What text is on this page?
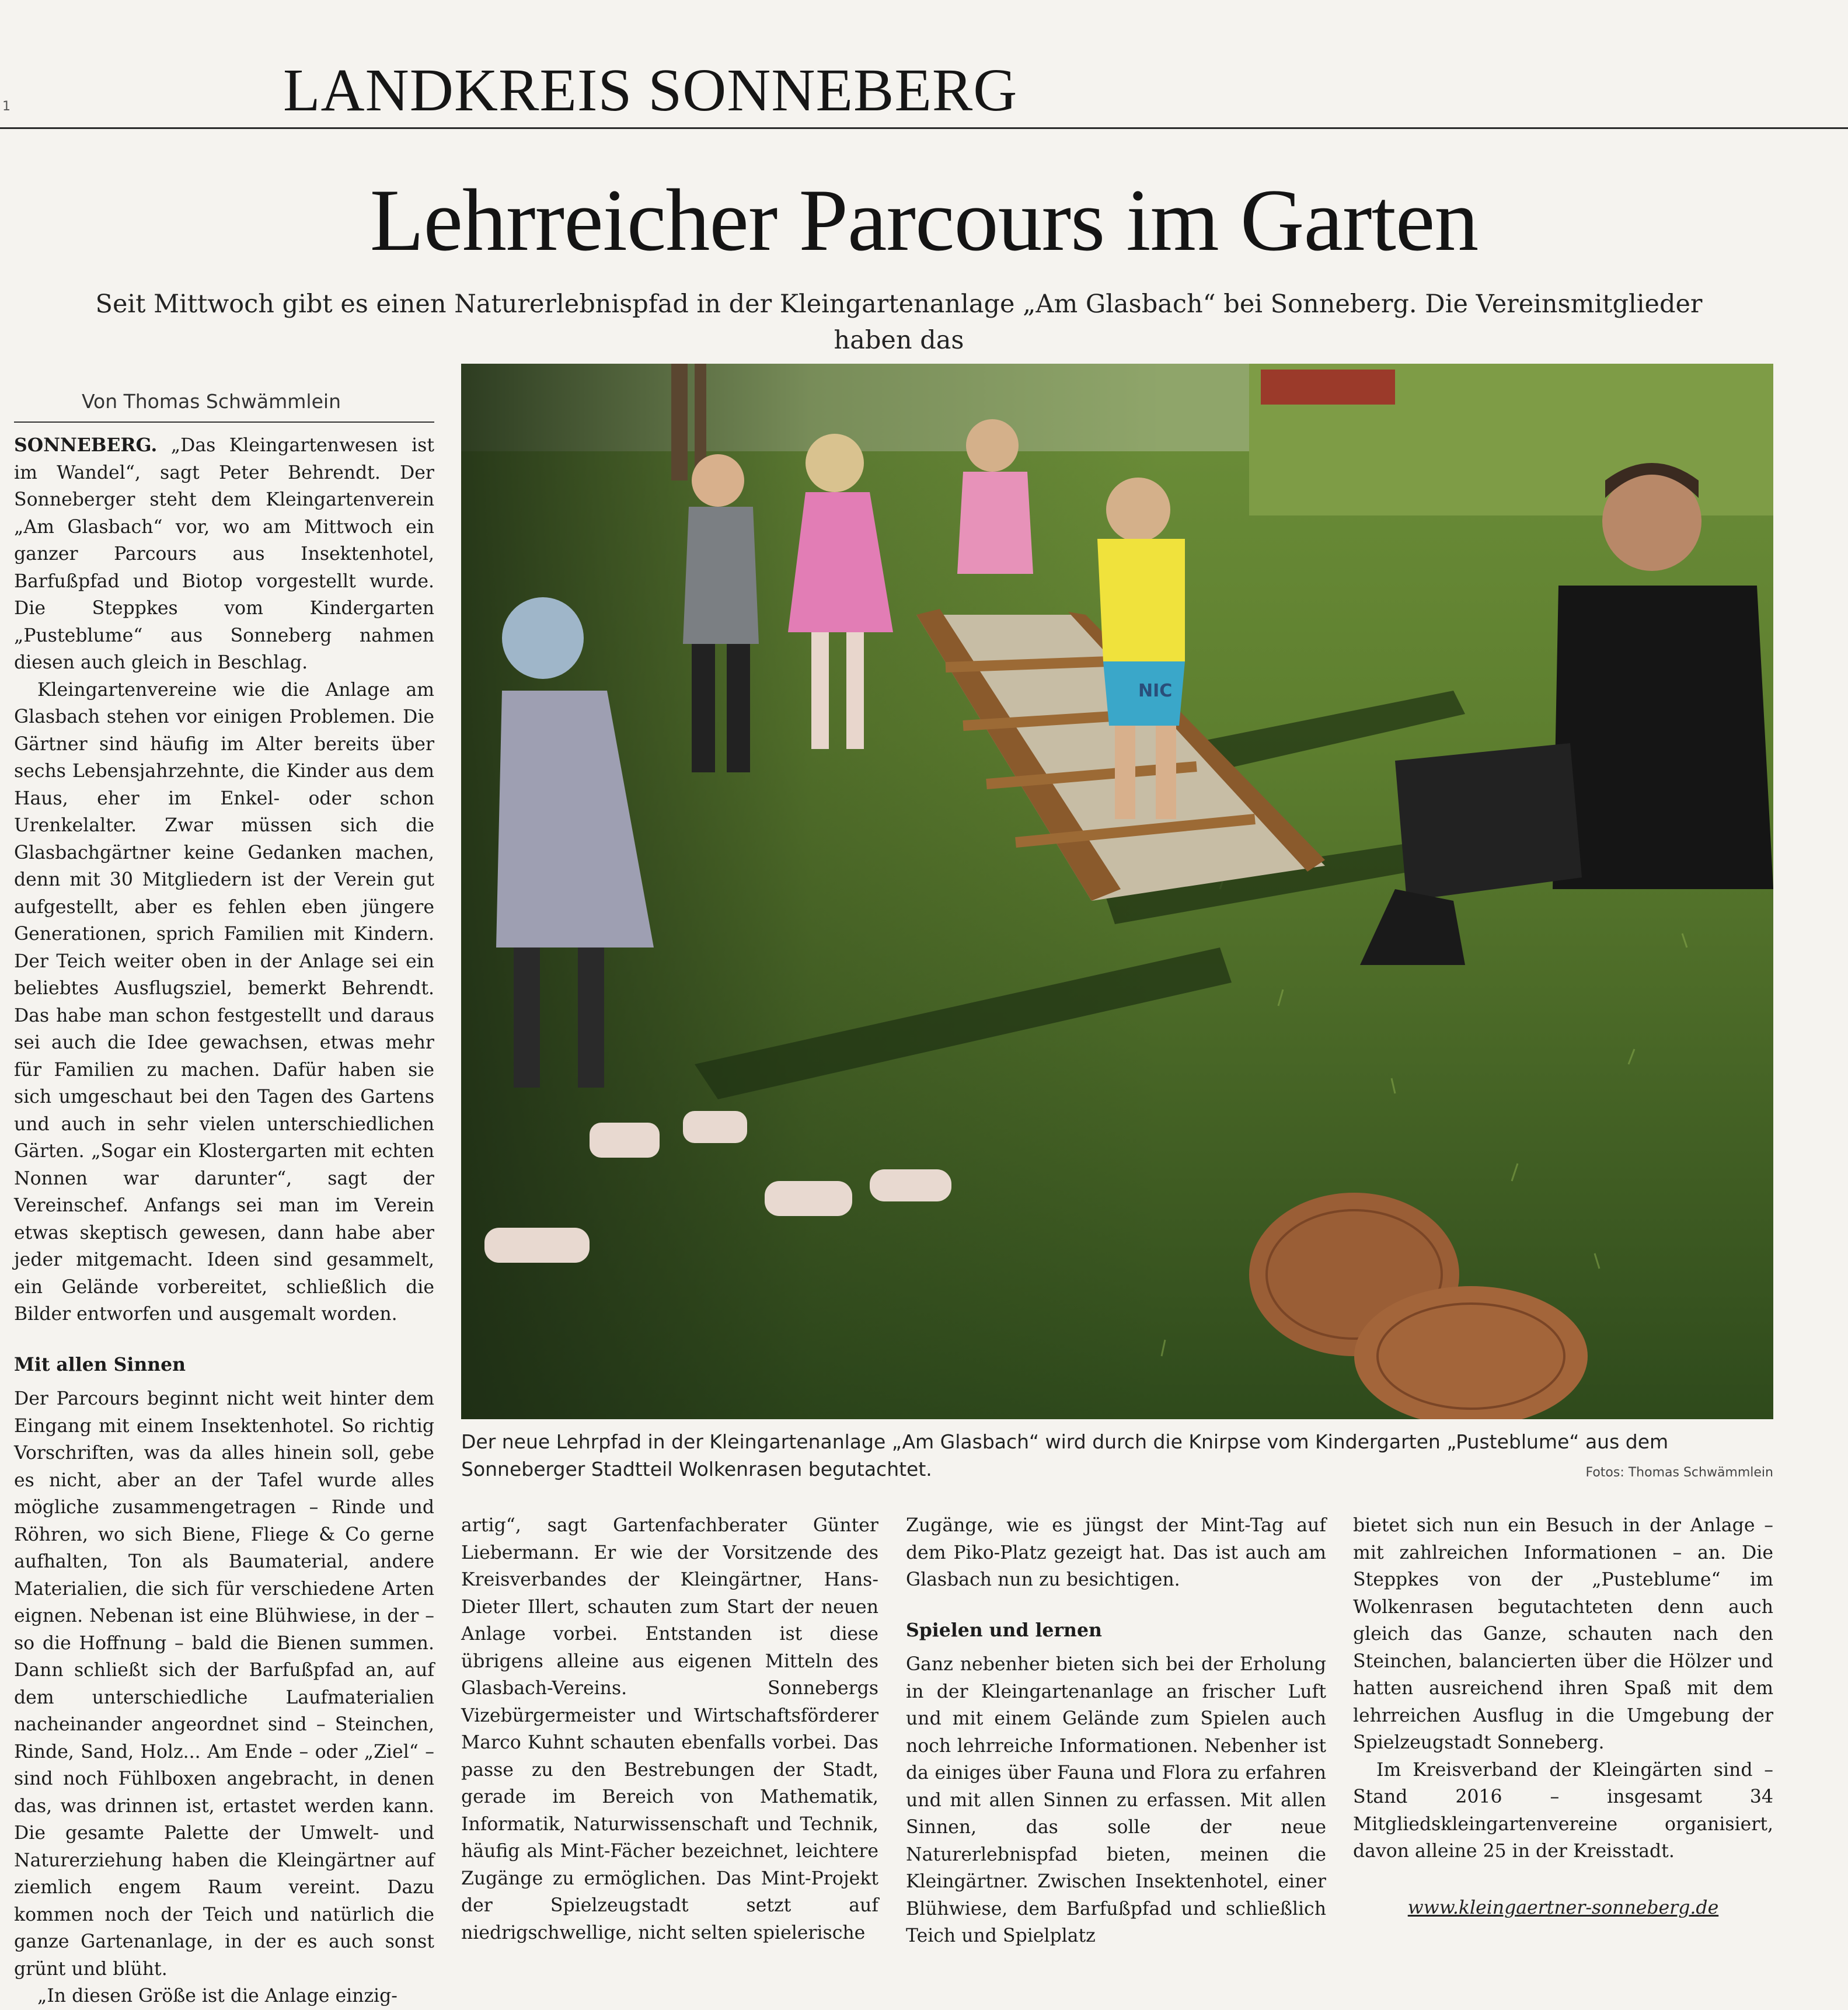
1	LANDKREIS SONNEBERG
Lehrreicher Parcours im Garten
Seit Mittwoch gibt es einen Naturerlebnispfad in der Kleingartenanlage „Am Glasbach“ bei Sonneberg. Die Vereinsmitglieder haben das
Von Thomas Schwämmlein

SONNEBERG. „Das Kleingartenwesen ist im Wandel“, sagt Peter Behrendt. Der Sonneberger steht dem Kleingartenverein „Am Glasbach“ vor, wo am Mittwoch ein ganzer Parcours aus Insektenhotel, Barfußpfad und Biotop vorgestellt wurde. Die Steppkes vom Kindergarten „Pusteblume“ aus Sonneberg nahmen diesen auch gleich in Beschlag.

Kleingartenvereine wie die Anlage am Glasbach stehen vor einigen Problemen. Die Gärtner sind häufig im Alter bereits über sechs Lebensjahrzehnte, die Kinder aus dem Haus, eher im Enkel- oder schon Urenkelalter. Zwar müssen sich die Glasbachgärtner keine Gedanken machen, denn mit 30 Mitgliedern ist der Verein gut aufgestellt, aber es fehlen eben jüngere Generationen, sprich Familien mit Kindern. Der Teich weiter oben in der Anlage sei ein beliebtes Ausflugsziel, bemerkt Behrendt. Das habe man schon festgestellt und daraus sei auch die Idee gewachsen, etwas mehr für Familien zu machen. Dafür haben sie sich umgeschaut bei den Tagen des Gartens und auch in sehr vielen unterschiedlichen Gärten. „Sogar ein Klostergarten mit echten Nonnen war darunter“, sagt der Vereinschef. Anfangs sei man im Verein etwas skeptisch gewesen, dann habe aber jeder mitgemacht. Ideen sind gesammelt, ein Gelände vorbereitet, schließlich die Bilder entworfen und ausgemalt worden.

Mit allen Sinnen

Der Parcours beginnt nicht weit hinter dem Eingang mit einem Insektenhotel. So richtig Vorschriften, was da alles hinein soll, gebe es nicht, aber an der Tafel wurde alles mögliche zusammengetragen – Rinde und Röhren, wo sich Biene, Fliege & Co gerne aufhalten, Ton als Baumaterial, andere Materialien, die sich für verschiedene Arten eignen. Nebenan ist eine Blühwiese, in der – so die Hoffnung – bald die Bienen summen. Dann schließt sich der Barfußpfad an, auf dem unterschiedliche Laufmaterialien nacheinander angeordnet sind – Steinchen, Rinde, Sand, Holz... Am Ende – oder „Ziel“ – sind noch Fühlboxen angebracht, in denen das, was drinnen ist, ertastet werden kann. Die gesamte Palette der Umwelt- und Naturerziehung haben die Kleingärtner auf ziemlich engem Raum vereint. Dazu kommen noch der Teich und natürlich die ganze Gartenanlage, in der es auch sonst grünt und blüht.

„In diesen Größe ist die Anlage einzig-

NIC
Der neue Lehrpfad in der Kleingartenanlage „Am Glasbach“ wird durch die Knirpse vom Kindergarten „Pusteblume“ aus dem Sonneberger Stadtteil Wolkenrasen begutachtet.	Fotos: Thomas Schwämmlein

artig“, sagt Gartenfachberater Günter Liebermann. Er wie der Vorsitzende des Kreisverbandes der Kleingärtner, Hans-Dieter Illert, schauten zum Start der neuen Anlage vorbei. Entstanden ist diese übrigens alleine aus eigenen Mitteln des Glasbach-Vereins. Sonnebergs Vizebürgermeister und Wirtschaftsförderer Marco Kuhnt schauten ebenfalls vorbei. Das passe zu den Bestrebungen der Stadt, gerade im Bereich von Mathematik, Informatik, Naturwissenschaft und Technik, häufig als Mint-Fächer bezeichnet, leichtere Zugänge zu ermöglichen. Das Mint-Projekt der Spielzeugstadt setzt auf niedrigschwellige, nicht selten spielerische

Zugänge, wie es jüngst der Mint-Tag auf dem Piko-Platz gezeigt hat. Das ist auch am Glasbach nun zu besichtigen.

Spielen und lernen

Ganz nebenher bieten sich bei der Erholung in der Kleingartenanlage an frischer Luft und mit einem Gelände zum Spielen auch noch lehrreiche Informationen. Nebenher ist da einiges über Fauna und Flora zu erfahren und mit allen Sinnen zu erfassen. Mit allen Sinnen, das solle der neue Naturerlebnispfad bieten, meinen die Kleingärtner. Zwischen Insektenhotel, einer Blühwiese, dem Barfußpfad und schließlich Teich und Spielplatz

bietet sich nun ein Besuch in der Anlage – mit zahlreichen Informationen – an. Die Steppkes von der „Pusteblume“ im Wolkenrasen begutachteten denn auch gleich das Ganze, schauten nach den Steinchen, balancierten über die Hölzer und hatten ausreichend ihren Spaß mit dem lehrreichen Ausflug in die Umgebung der Spielzeugstadt Sonneberg.

Im Kreisverband der Kleingärten sind – Stand 2016 – insgesamt 34 Mitgliedskleingartenvereine organisiert, davon alleine 25 in der Kreisstadt.

www.kleingaertner-sonneberg.de
